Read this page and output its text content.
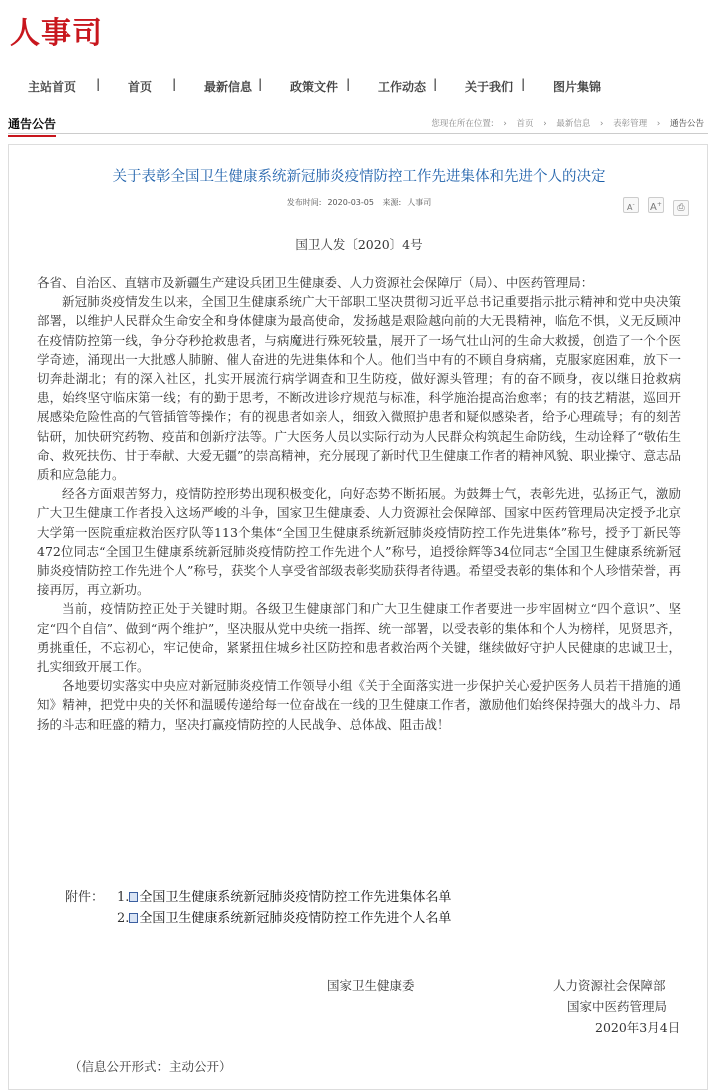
人事司
主站首页 | 首页 | 最新信息 | 政策文件 | 工作动态 | 关于我们 | 图片集锦
通告公告	您现在所在位置: › 首页 › 最新信息 › 表彰管理 › 通告公告
关于表彰全国卫生健康系统新冠肺炎疫情防控工作先进集体和先进个人的决定
发布时间: 2020-03-05 来源: 人事司
A- A+ ⎙
国卫人发〔2020〕4号

各省、自治区、直辖市及新疆生产建设兵团卫生健康委、人力资源社会保障厅（局）、中医药管理局：

新冠肺炎疫情发生以来，全国卫生健康系统广大干部职工坚决贯彻习近平总书记重要指示批示精神和党中央决策部署，以维护人民群众生命安全和身体健康为最高使命，发扬越是艰险越向前的大无畏精神，临危不惧，义无反顾冲在疫情防控第一线，争分夺秒抢救患者，与病魔进行殊死较量，展开了一场气壮山河的生命大救援，创造了一个个医学奇迹，涌现出一大批感人肺腑、催人奋进的先进集体和个人。他们当中有的不顾自身病痛，克服家庭困难，放下一切奔赴湖北；有的深入社区，扎实开展流行病学调查和卫生防疫，做好源头管理；有的奋不顾身，夜以继日抢救病患，始终坚守临床第一线；有的勤于思考，不断改进诊疗规范与标准，科学施治提高治愈率；有的技艺精湛，巡回开展感染危险性高的气管插管等操作；有的视患者如亲人，细致入微照护患者和疑似感染者，给予心理疏导；有的刻苦钻研，加快研究药物、疫苗和创新疗法等。广大医务人员以实际行动为人民群众构筑起生命防线，生动诠释了“敬佑生命、救死扶伤、甘于奉献、大爱无疆”的崇高精神，充分展现了新时代卫生健康工作者的精神风貌、职业操守、意志品质和应急能力。

经各方面艰苦努力，疫情防控形势出现积极变化，向好态势不断拓展。为鼓舞士气，表彰先进，弘扬正气，激励广大卫生健康工作者投入这场严峻的斗争，国家卫生健康委、人力资源社会保障部、国家中医药管理局决定授予北京大学第一医院重症救治医疗队等113个集体“全国卫生健康系统新冠肺炎疫情防控工作先进集体”称号，授予丁新民等472位同志“全国卫生健康系统新冠肺炎疫情防控工作先进个人”称号，追授徐辉等34位同志“全国卫生健康系统新冠肺炎疫情防控工作先进个人”称号，获奖个人享受省部级表彰奖励获得者待遇。希望受表彰的集体和个人珍惜荣誉，再接再厉，再立新功。

当前，疫情防控正处于关键时期。各级卫生健康部门和广大卫生健康工作者要进一步牢固树立“四个意识”、坚定“四个自信”、做到“两个维护”，坚决服从党中央统一指挥、统一部署，以受表彰的集体和个人为榜样，见贤思齐，勇挑重任，不忘初心，牢记使命，紧紧扭住城乡社区防控和患者救治两个关键，继续做好守护人民健康的忠诚卫士，扎实细致开展工作。

各地要切实落实中央应对新冠肺炎疫情工作领导小组《关于全面落实进一步保护关心爱护医务人员若干措施的通知》精神，把党中央的关怀和温暖传递给每一位奋战在一线的卫生健康工作者，激励他们始终保持强大的战斗力、昂扬的斗志和旺盛的精力，坚决打赢疫情防控的人民战争、总体战、阻击战！

附件： 1. 全国卫生健康系统新冠肺炎疫情防控工作先进集体名单
2. 全国卫生健康系统新冠肺炎疫情防控工作先进个人名单
国家卫生健康委	人力资源社会保障部
国家中医药管理局
2020年3月4日
（信息公开形式：主动公开）
